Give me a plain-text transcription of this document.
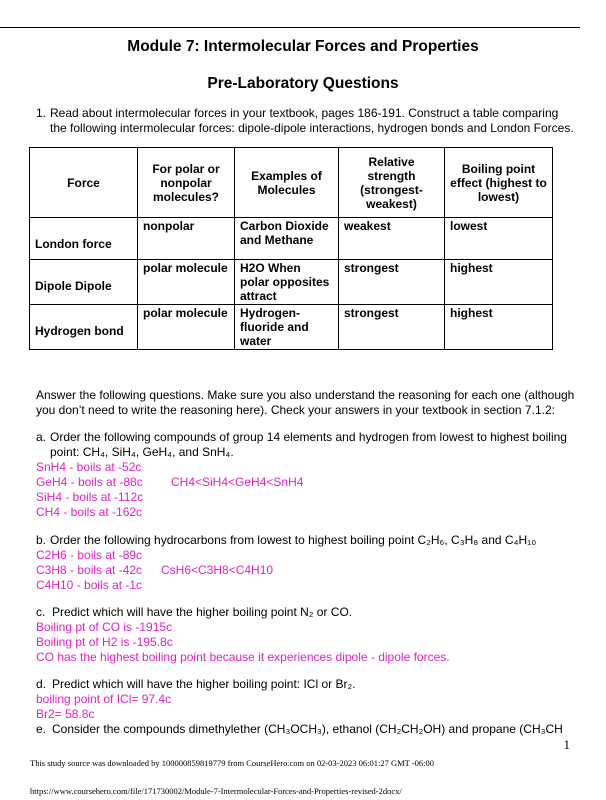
Module 7: Intermolecular Forces and Properties
Pre-Laboratory Questions
1. Read about intermolecular forces in your textbook, pages 186-191. Construct a table comparing the following intermolecular forces: dipole-dipole interactions, hydrogen bonds and London Forces.
Force	For polar or nonpolar molecules?	Examples of Molecules	Relative strength (strongest-weakest)	Boiling point effect (highest to lowest)
London force	nonpolar	Carbon Dioxide and Methane	weakest	lowest
Dipole Dipole	polar molecule	H2O When polar opposites attract	strongest	highest
Hydrogen bond	polar molecule	Hydrogen-fluoride and water	strongest	highest
Answer the following questions. Make sure you also understand the reasoning for each one (although you don’t need to write the reasoning here). Check your answers in your textbook in section 7.1.2:
a. Order the following compounds of group 14 elements and hydrogen from lowest to highest boiling point: CH₄, SiH₄, GeH₄, and SnH₄.
SnH4 - boils at -52c
GeH4 - boils at -88c CH4<SiH4<GeH4<SnH4
SiH4 - boils at -112c
CH4 - boils at -162c
b. Order the following hydrocarbons from lowest to highest boiling point C₂H₆, C₃H₈ and C₄H₁₀
C2H6 - boils at -89c
C3H8 - boils at -42c CsH6<C3H8<C4H10
C4H10 - boils at -1c
c. Predict which will have the higher boiling point N₂ or CO.
Boiling pt of CO is -1915c
Boiling pt of H2 is -195.8c
CO has the highest boiling point because it experiences dipole - dipole forces.
d. Predict which will have the higher boiling point: ICl or Br₂.
boiling point of ICl= 97.4c
Br2= 58.8c
e. Consider the compounds dimethylether (CH₃OCH₃), ethanol (CH₂CH₂OH) and propane (CH₃CH
1
This study source was downloaded by 100000859819779 from CourseHero.com on 02-03-2023 06:01:27 GMT -06:00
https://www.coursehero.com/file/171730002/Module-7-Intermolecular-Forces-and-Properties-revised-2docx/
